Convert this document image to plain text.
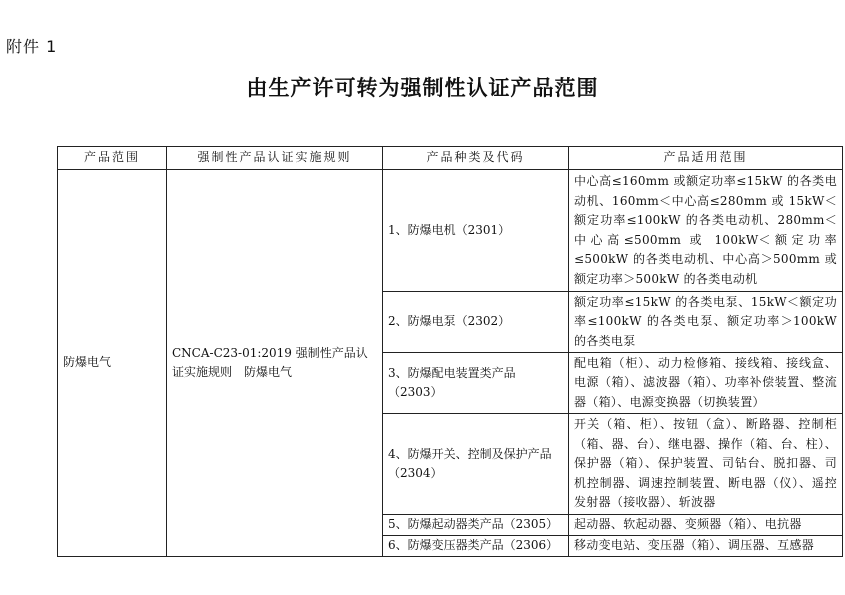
附件 1
由生产许可转为强制性认证产品范围
产品范围	强制性产品认证实施规则	产品种类及代码	产品适用范围
防爆电气	CNCA-C23-01:2019 强制性产品认证实施规则　防爆电气	1、防爆电机（2301）	中心高≤160mm 或额定功率≤15kW 的各类电动机、160mm＜中心高≤280mm 或 15kW＜额定功率≤100kW 的各类电动机、280mm＜中心高≤500mm 或 100kW＜额定功率≤500kW 的各类电动机、中心高＞500mm 或额定功率＞500kW 的各类电动机
		2、防爆电泵（2302）	额定功率≤15kW 的各类电泵、15kW＜额定功率≤100kW 的各类电泵、额定功率＞100kW 的各类电泵
		3、防爆配电装置类产品（2303）	配电箱（柜）、动力检修箱、接线箱、接线盒、电源（箱）、滤波器（箱）、功率补偿装置、整流器（箱）、电源变换器（切换装置）
		4、防爆开关、控制及保护产品（2304）	开关（箱、柜）、按钮（盒）、断路器、控制柜（箱、器、台）、继电器、操作（箱、台、柱）、保护器（箱）、保护装置、司钻台、脱扣器、司机控制器、调速控制装置、断电器（仪）、遥控发射器（接收器）、斩波器
		5、防爆起动器类产品（2305）	起动器、软起动器、变频器（箱）、电抗器
		6、防爆变压器类产品（2306）	移动变电站、变压器（箱）、调压器、互感器
